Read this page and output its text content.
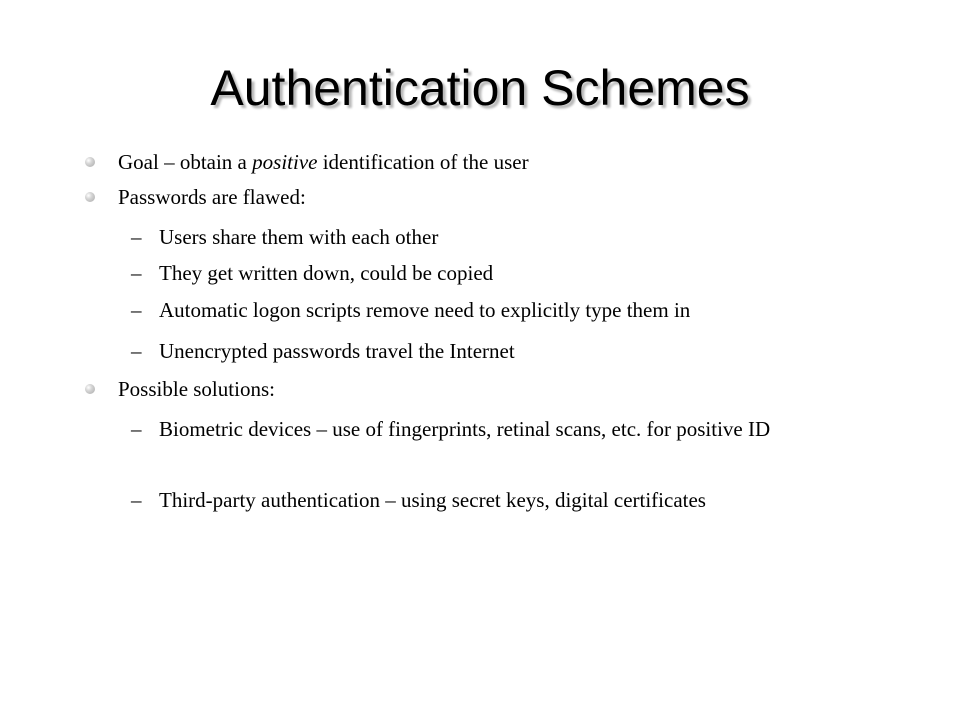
Authentication Schemes
Goal – obtain a positive identification of the user
Passwords are flawed:
– Users share them with each other
– They get written down, could be copied
– Automatic logon scripts remove need to explicitly type them in
– Unencrypted passwords travel the Internet
Possible solutions:
– Biometric devices – use of fingerprints, retinal scans, etc. for positive ID
– Third-party authentication – using secret keys, digital certificates
